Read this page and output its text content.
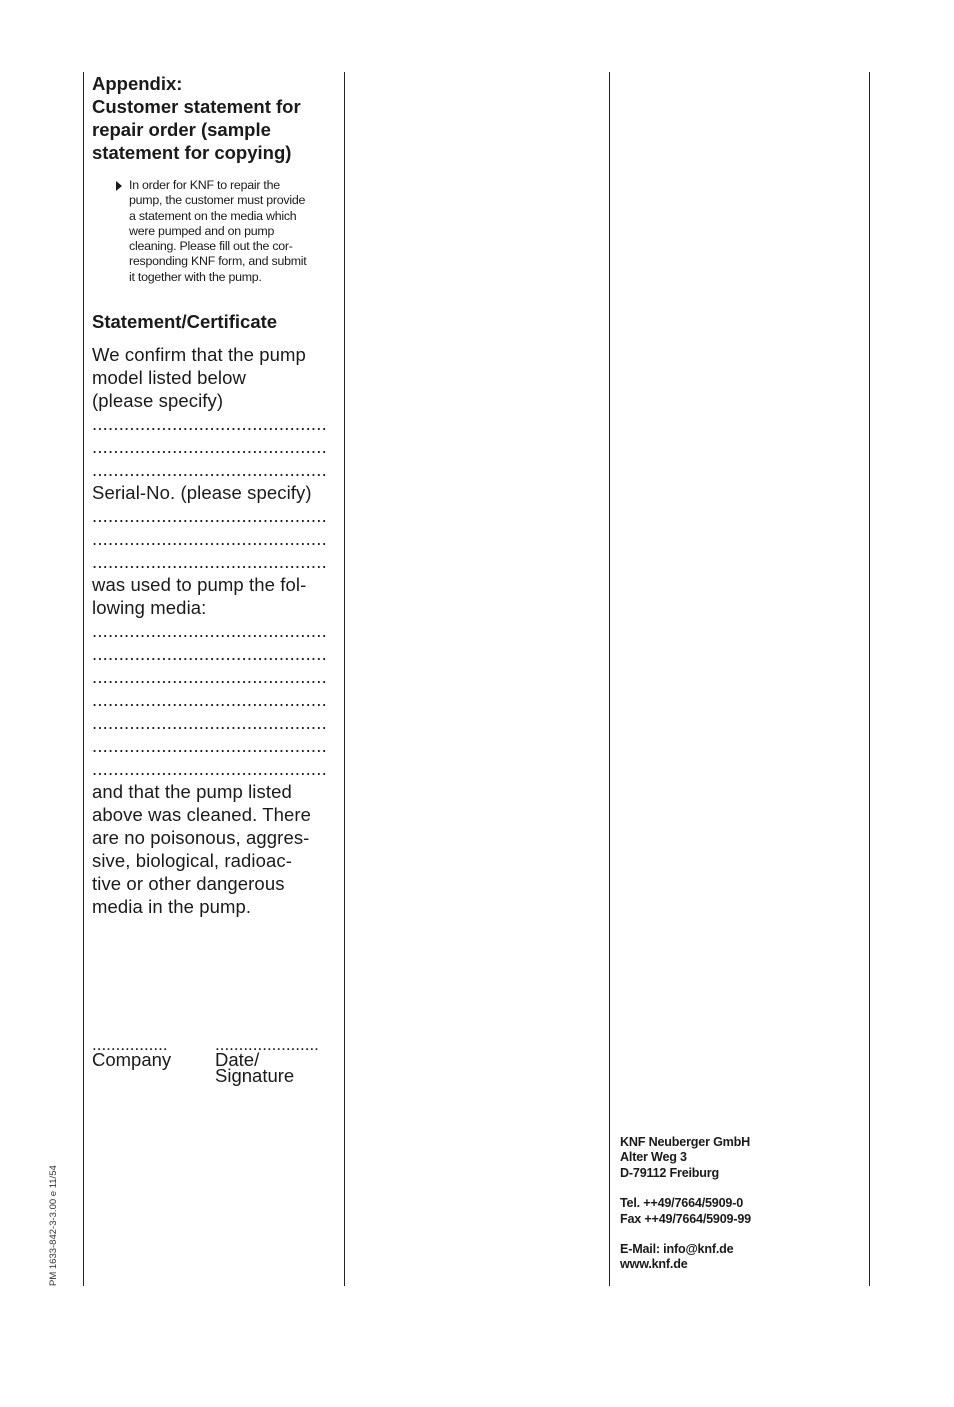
Appendix:
Customer statement for
repair order (sample
statement for copying)
In order for KNF to repair the
pump, the customer must provide
a statement on the media which
were pumped and on pump
cleaning. Please fill out the cor-
responding KNF form, and submit
it together with the pump.
Statement/Certificate
We confirm that the pump
model listed below
(please specify)
............................................
............................................
............................................
Serial-No. (please specify)
............................................
............................................
............................................
was used to pump the fol-
lowing media:
............................................
............................................
............................................
............................................
............................................
............................................
............................................
and that the pump listed
above was cleaned. There
are no poisonous, aggres-
sive, biological, radioac-
tive or other dangerous
media in the pump.
................	......................
Company Date/
Signature
PM 1633-842-3-3.00 e 11/54
KNF Neuberger GmbH
Alter Weg 3
D-79112 Freiburg
Tel. ++49/7664/5909-0
Fax ++49/7664/5909-99
E-Mail: info@knf.de
www.knf.de
